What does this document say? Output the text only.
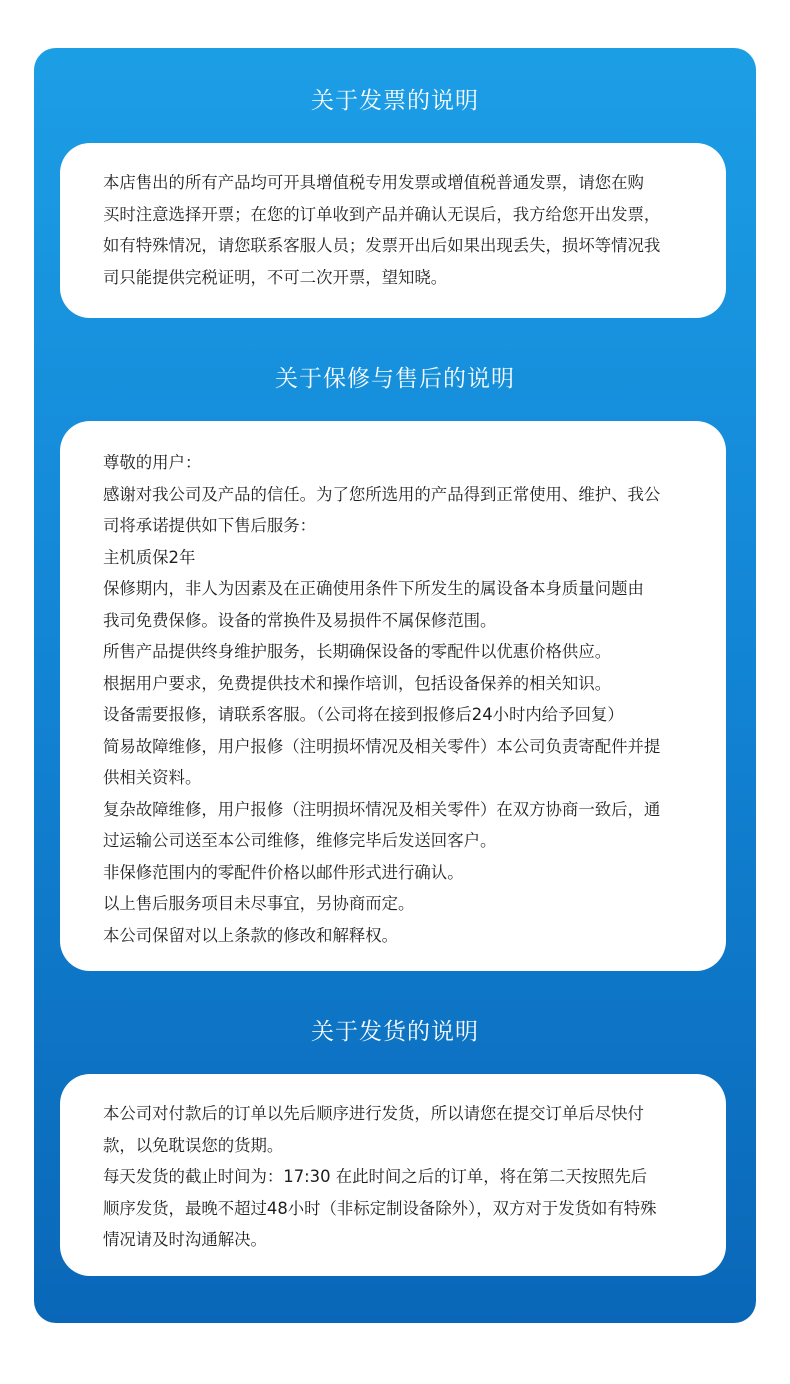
关于发票的说明
本店售出的所有产品均可开具增值税专用发票或增值税普通发票，请您在购
买时注意选择开票；在您的订单收到产品并确认无误后，我方给您开出发票，
如有特殊情况，请您联系客服人员；发票开出后如果出现丢失，损坏等情况我
司只能提供完税证明，不可二次开票，望知晓。
关于保修与售后的说明
尊敬的用户：
感谢对我公司及产品的信任。为了您所选用的产品得到正常使用、维护、我公
司将承诺提供如下售后服务：
主机质保2年
保修期内，非人为因素及在正确使用条件下所发生的属设备本身质量问题由
我司免费保修。设备的常换件及易损件不属保修范围。
所售产品提供终身维护服务，长期确保设备的零配件以优惠价格供应。
根据用户要求，免费提供技术和操作培训，包括设备保养的相关知识。
设备需要报修，请联系客服。（公司将在接到报修后24小时内给予回复）
简易故障维修，用户报修（注明损坏情况及相关零件）本公司负责寄配件并提
供相关资料。
复杂故障维修，用户报修（注明损坏情况及相关零件）在双方协商一致后，通
过运输公司送至本公司维修，维修完毕后发送回客户。
非保修范围内的零配件价格以邮件形式进行确认。
以上售后服务项目未尽事宜，另协商而定。
本公司保留对以上条款的修改和解释权。
关于发货的说明
本公司对付款后的订单以先后顺序进行发货，所以请您在提交订单后尽快付
款，以免耽误您的货期。
每天发货的截止时间为：17:30 在此时间之后的订单，将在第二天按照先后
顺序发货，最晚不超过48小时（非标定制设备除外），双方对于发货如有特殊
情况请及时沟通解决。
